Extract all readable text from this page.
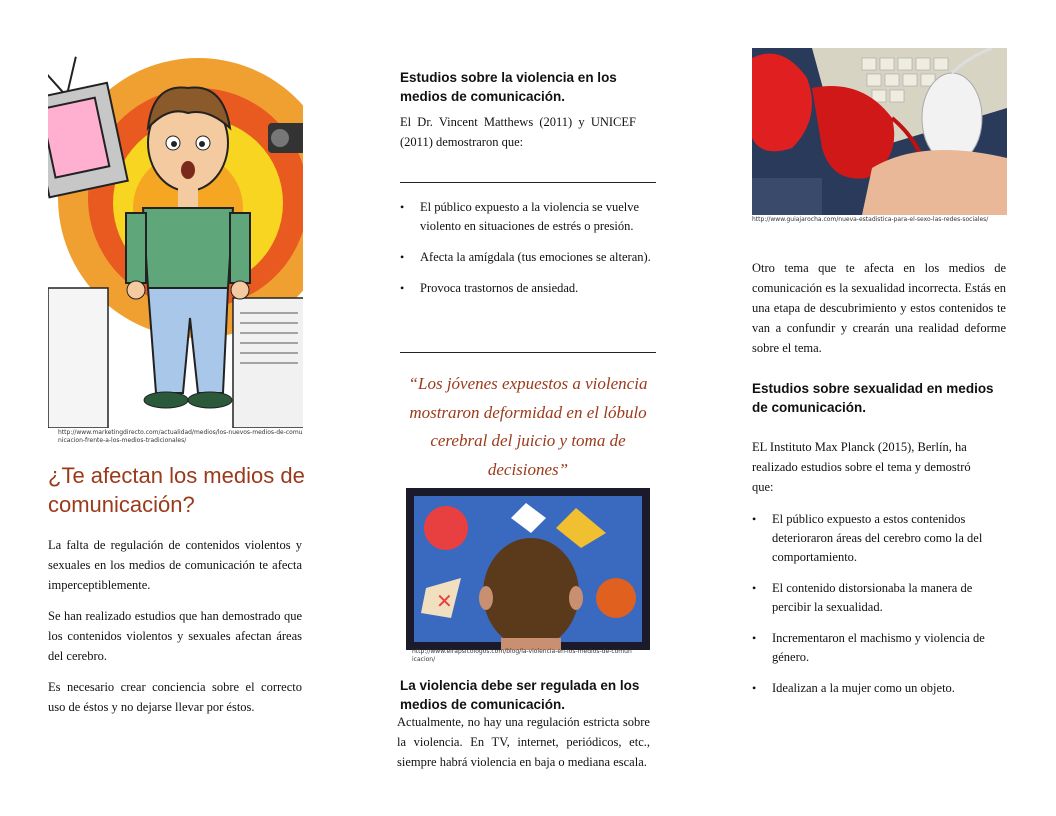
http://www.marketingdirecto.com/actualidad/medios/los-nuevos-medios-de-comunicacion-frente-a-los-medios-tradicionales/
¿Te afectan los medios de comunicación?

La falta de regulación de contenidos violentos y sexuales en los medios de comunicación te afecta imperceptiblemente.

Se han realizado estudios que han demostrado que los contenidos violentos y sexuales afectan áreas del cerebro.

Es necesario crear conciencia sobre el correcto uso de éstos y no dejarse llevar por éstos.

Estudios sobre la violencia en los medios de comunicación.

El Dr. Vincent Matthews (2011) y UNICEF (2011) demostraron que:

• El público expuesto a la violencia se vuelve violento en situaciones de estrés o presión.
• Afecta la amígdala (tus emociones se alteran).
• Provoca trastornos de ansiedad.

“Los jóvenes expuestos a violencia mostraron deformidad en el lóbulo cerebral del juicio y toma de decisiones”

✕
http://www.elrapsicologos.com/blog/la-violencia-en-los-medios-de-comunicacion/
La violencia debe ser regulada en los medios de comunicación.

Actualmente, no hay una regulación estricta sobre la violencia. En TV, internet, periódicos, etc., siempre habrá violencia en baja o mediana escala.

http://www.guiajarocha.com/nueva-estadistica-para-el-sexo-las-redes-sociales/

Otro tema que te afecta en los medios de comunicación es la sexualidad incorrecta. Estás en una etapa de descubrimiento y estos contenidos te van a confundir y crearán una realidad deforme sobre el tema.

Estudios sobre sexualidad en medios de comunicación.

EL Instituto Max Planck (2015), Berlín, ha realizado estudios sobre el tema y demostró que:

• El público expuesto a estos contenidos deterioraron áreas del cerebro como la del comportamiento.
• El contenido distorsionaba la manera de percibir la sexualidad.
• Incrementaron el machismo y violencia de género.
• Idealizan a la mujer como un objeto.
